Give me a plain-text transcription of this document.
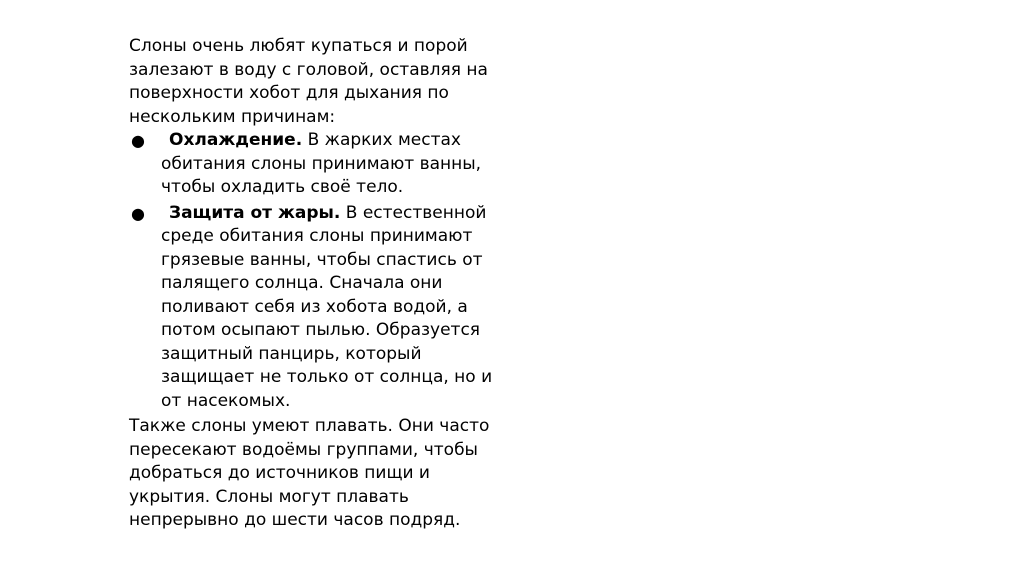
Слоны очень любят купаться и порой
залезают в воду с головой, оставляя на
поверхности хобот для дыхания по
нескольким причинам:

●	Охлаждение. В жарких местах
обитания слоны принимают ванны,
чтобы охладить своё тело.
●	Защита от жары. В естественной
среде обитания слоны принимают
грязевые ванны, чтобы спастись от
палящего солнца. Сначала они
поливают себя из хобота водой, а
потом осыпают пылью. Образуется
защитный панцирь, который
защищает не только от солнца, но и
от насекомых.

Также слоны умеют плавать. Они часто
пересекают водоёмы группами, чтобы
добраться до источников пищи и
укрытия. Слоны могут плавать
непрерывно до шести часов подряд.
